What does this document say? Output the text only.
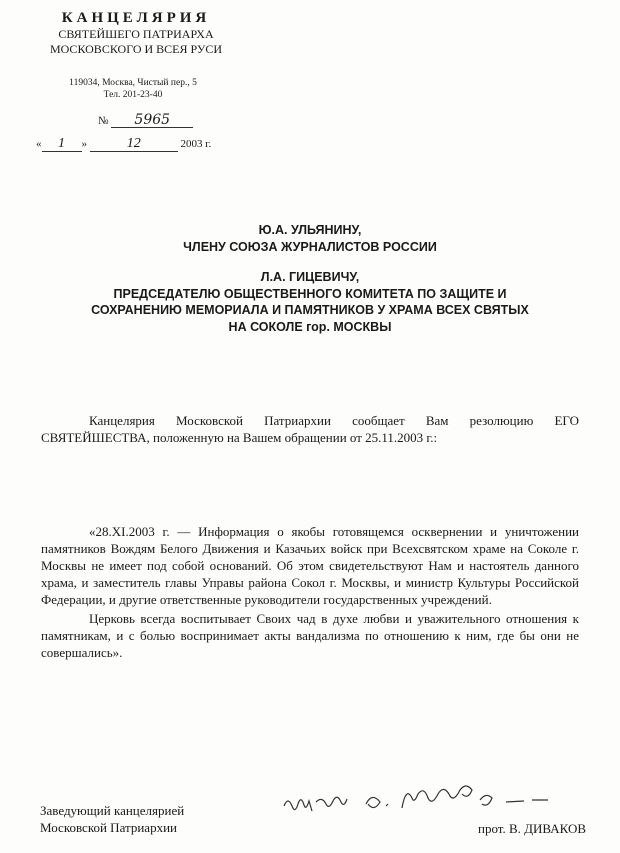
КАНЦЕЛЯРИЯ
СВЯТЕЙШЕГО ПАТРИАРХА
МОСКОВСКОГО И ВСЕЯ РУСИ
119034, Москва, Чистый пер., 5
Тел. 201-23-40
№ 5965
« 1 »	12	2003 г.
Ю.А. УЛЬЯНИНУ,
ЧЛЕНУ СОЮЗА ЖУРНАЛИСТОВ РОССИИ
Л.А. ГИЦЕВИЧУ,
ПРЕДСЕДАТЕЛЮ ОБЩЕСТВЕННОГО КОМИТЕТА ПО ЗАЩИТЕ И
СОХРАНЕНИЮ МЕМОРИАЛА И ПАМЯТНИКОВ У ХРАМА ВСЕХ СВЯТЫХ
НА СОКОЛЕ гор. МОСКВЫ
Канцелярия Московской Патриархии сообщает Вам резолюцию ЕГО СВЯТЕЙШЕСТВА, положенную на Вашем обращении от 25.11.2003 г.:
«28.XI.2003 г. — Информация о якобы готовящемся осквернении и уничтожении памятников Вождям Белого Движения и Казачьих войск при Всехсвятском храме на Соколе г. Москвы не имеет под собой оснований. Об этом свидетельствуют Нам и настоятель данного храма, и заместитель главы Управы района Сокол г. Москвы, и министр Культуры Российской Федерации, и другие ответственные руководители государственных учреждений.
Церковь всегда воспитывает Своих чад в духе любви и уважительного отношения к памятникам, и с болью воспринимает акты вандализма по отношению к ним, где бы они не совершались».
Заведующий канцелярией
Московской Патриархии	прот. В. ДИВАКОВ
